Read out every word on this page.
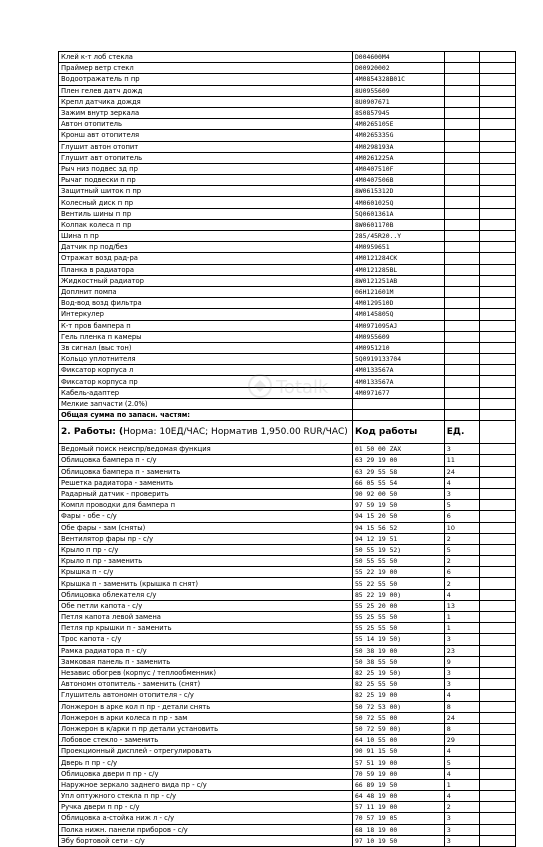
Клей к-т лоб стекла	D004600M4		
Праймер ветр стекл	D00920002		
Водоотражатель п пр	4M0854328B01C		
Плен гелев датч дожд	8U0955609		
Крепл датчика дождя	8U0907671		
Зажим внутр зеркала	8S0857945		
Автон отопитель	4M0265105E		
Кронш авт отопителя	4M0265335G		
Глушит автон отопит	4M0298193A		
Глушит авт отопитель	4M0261225A		
Рыч низ подвес зд пр	4M0407510F		
Рычаг подвески п пр	4M0407506B		
Защитный шиток п пр	8W0615312D		
Колесный диск п пр	4M0601025Q		
Вентиль шины п пр	5Q0601361A		
Колпак колеса п пр	8W0601170B		
Шина п пр	285/45R20..Y		
Датчик пр под/без	4M0959651		
Отражат возд рад-ра	4M0121284CK		
Планка в радиатора	4M0121285BL		
Жидкостный радиатор	8W0121251AB		
Доплнит помпа	06H121601M		
Вод-вод возд фильтра	4M0129510D		
Интеркулер	4M0145805Q		
К-т пров бампера п	4M0971095AJ		
Гель пленка п камеры	4M0955609		
Зв сигнал (выс тон)	4M0951210		
Кольцо уплотнителя	5Q0919133704		
Фиксатор корпуса л	4M0133567A		
Фиксатор корпуса пр	4M0133567A		
Кабель-адаптер	4M0971677		
Мелкие запчасти (2.0%)			
Общая сумма по запасн. частям:			
2. Работы: (Норма: 10ЕД/ЧАС; Норматив 1,950.00 RUR/ЧАС)	Код работы	ЕД.	
Ведомый поиск неиспр/ведомая функция	01 50 00 ZAX	3	
Облицовка бампера п - с/у	63 29 19 00	11	
Облицовка бампера п - заменить	63 29 55 58	24	
Решетка радиатора - заменить	66 05 55 54	4	
Радарный датчик - проверить	90 92 00 50	3	
Компл проводки для бампера п	97 59 19 50	5	
Фары - обе - с/у	94 15 20 50	6	
Обе фары - зам (сняты)	94 15 56 52	10	
Вентилятор фары пр - с/у	94 12 19 51	2	
Крыло п пр - с/у	50 55 19 52)	5	
Крыло п пр - заменить	50 55 55 50	2	
Крышка п - с/у	55 22 19 00	6	
Крышка п - заменить (крышка п снят)	55 22 55 50	2	
Облицовка облекателя с/у	85 22 19 00)	4	
Обе петли капота - с/у	55 25 20 00	13	
Петля капота левой замена	55 25 55 50	1	
Петля пр крышки п - заменить	55 25 55 50	1	
Трос капота - с/у	55 14 19 50)	3	
Рамка радиатора п - с/у	50 38 19 00	23	
Замковая панель п - заменить	50 38 55 50	9	
Независ обогрев (корпус / теплообменник)	82 25 19 50)	3	
Автономн отопитель - заменить (снят)	82 25 55 50	3	
Глушитель автономн отопителя - с/у	82 25 19 00	4	
Лонжерон в арке кол п пр - детали снять	50 72 53 00)	8	
Лонжерон в арки колеса п пр - зам	50 72 55 00	24	
Лонжерон в к/арки п пр детали установить	50 72 59 00)	8	
Лобовое стекло - заменить	64 10 55 00	29	
Проекционный дисплей - отрегулировать	90 91 15 50	4	
Дверь п пр - с/у	57 51 19 00	5	
Облицовка двери п пр - с/у	70 59 19 00	4	
Наружное зеркало заднего вида пр - с/у	66 89 19 50	1	
Упл оптужного стекла п пр - с/у	64 48 19 00	4	
Ручка двери п пр - с/у	57 11 19 00	2	
Облицовка а-стойка ниж л - с/у	70 57 19 05	3	
Полка нижн. панели приборов - с/у	68 18 19 00	3	
Эбу бортовой сети - с/у	97 10 19 50	3	
Totalk
